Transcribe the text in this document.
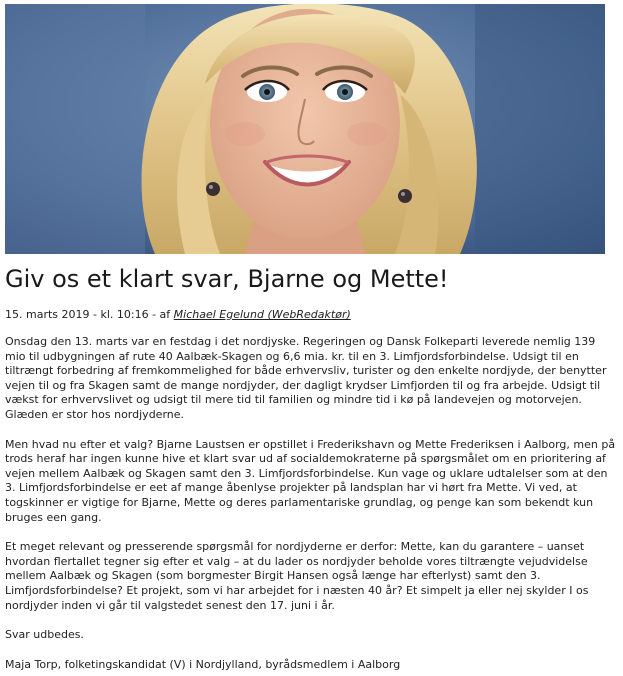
Giv os et klart svar, Bjarne og Mette!
15. marts 2019 - kl. 10:16 - af Michael Egelund (WebRedaktør)

Onsdag den 13. marts var en festdag i det nordjyske. Regeringen og Dansk Folkeparti leverede nemlig 139 mio til udbygningen af rute 40 Aalbæk-Skagen og 6,6 mia. kr. til en 3. Limfjordsforbindelse. Udsigt til en tiltrængt forbedring af fremkommelighed for både erhvervsliv, turister og den enkelte nordjyde, der benytter vejen til og fra Skagen samt de mange nordjyder, der dagligt krydser Limfjorden til og fra arbejde. Udsigt til vækst for erhvervslivet og udsigt til mere tid til familien og mindre tid i kø på landevejen og motorvejen. Glæden er stor hos nordjyderne.

Men hvad nu efter et valg? Bjarne Laustsen er opstillet i Frederikshavn og Mette Frederiksen i Aalborg, men på trods heraf har ingen kunne hive et klart svar ud af socialdemokraterne på spørgsmålet om en prioritering af vejen mellem Aalbæk og Skagen samt den 3. Limfjordsforbindelse. Kun vage og uklare udtalelser som at den 3. Limfjordsforbindelse er eet af mange åbenlyse projekter på landsplan har vi hørt fra Mette. Vi ved, at togskinner er vigtige for Bjarne, Mette og deres parlamentariske grundlag, og penge kan som bekendt kun bruges een gang.

Et meget relevant og presserende spørgsmål for nordjyderne er derfor: Mette, kan du garantere – uanset hvordan flertallet tegner sig efter et valg – at du lader os nordjyder beholde vores tiltrængte vejudvidelse mellem Aalbæk og Skagen (som borgmester Birgit Hansen også længe har efterlyst) samt den 3. Limfjordsforbindelse? Et projekt, som vi har arbejdet for i næsten 40 år? Et simpelt ja eller nej skylder I os nordjyder inden vi går til valgstedet senest den 17. juni i år.

Svar udbedes.

Maja Torp, folketingskandidat (V) i Nordjylland, byrådsmedlem i Aalborg
